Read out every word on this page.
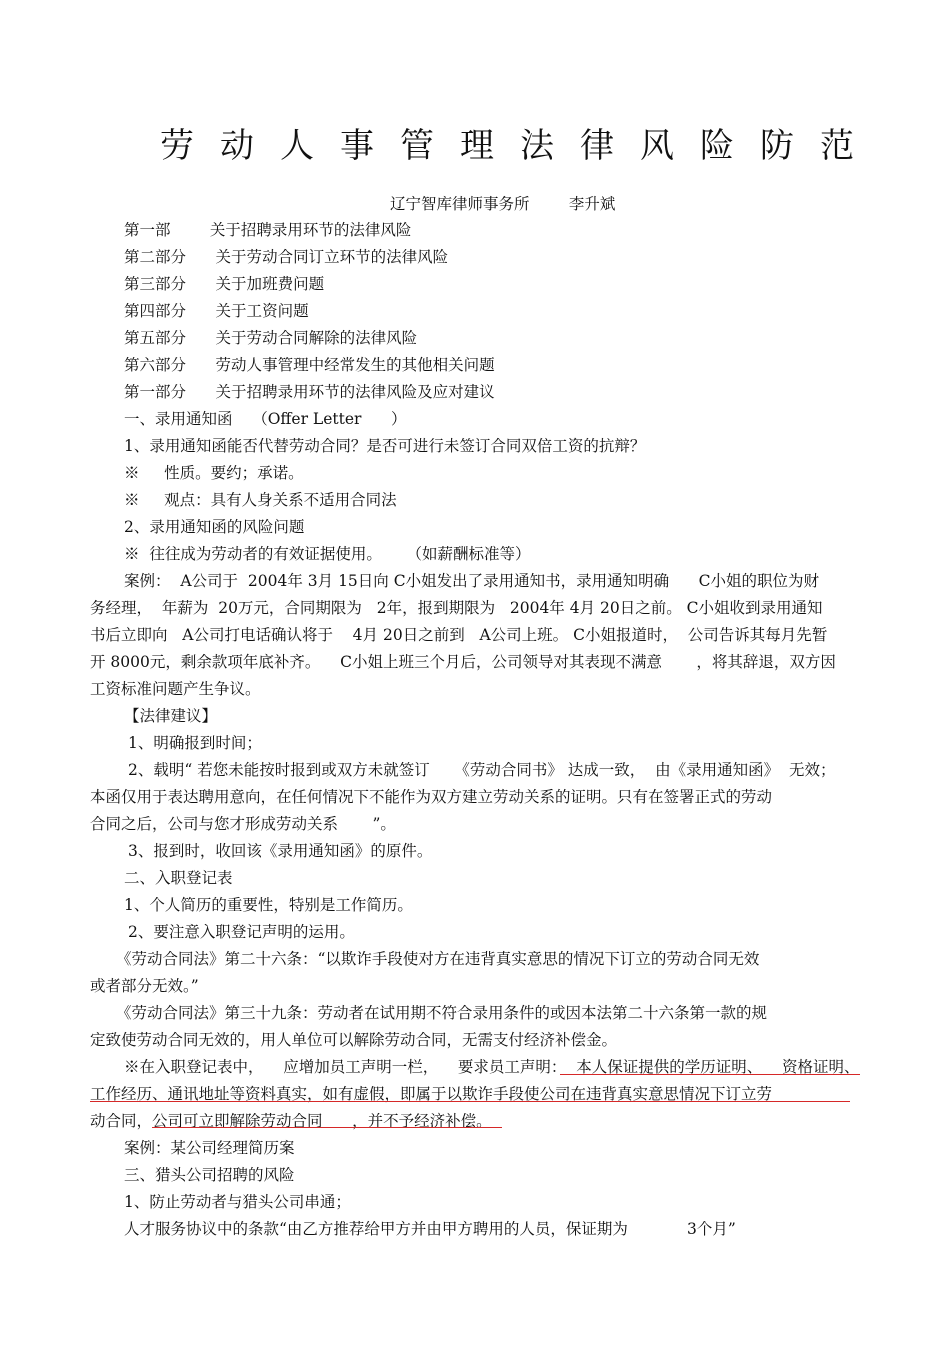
劳动人事管理法律风险防范
辽宁智库律师事务所        李升斌
第一部        关于招聘录用环节的法律风险
第二部分      关于劳动合同订立环节的法律风险
第三部分      关于加班费问题
第四部分      关于工资问题
第五部分      关于劳动合同解除的法律风险
第六部分      劳动人事管理中经常发生的其他相关问题
第一部分      关于招聘录用环节的法律风险及应对建议
一、录用通知函    （Offer Letter      ）
1、录用通知函能否代替劳动合同？是否可进行未签订合同双倍工资的抗辩？
※     性质。要约；承诺。
※     观点：具有人身关系不适用合同法
2、录用通知函的风险问题
※  往往成为劳动者的有效证据使用。     （如薪酬标准等）
案例：  A公司于  2004年 3月 15日向 C小姐发出了录用通知书，录用通知明确      C小姐的职位为财
务经理，  年薪为  20万元，合同期限为   2年，报到期限为   2004年 4月 20日之前。 C小姐收到录用通知
书后立即向   A公司打电话确认将于    4月 20日之前到   A公司上班。 C小姐报道时，  公司告诉其每月先暂
开 8000元，剩余款项年底补齐。    C小姐上班三个月后，公司领导对其表现不满意       ，将其辞退，双方因
工资标准问题产生争议。
【法律建议】
1、明确报到时间；
2、载明“ 若您未能按时报到或双方未就签订     《劳动合同书》 达成一致，  由《录用通知函》  无效；
本函仅用于表达聘用意向，在任何情况下不能作为双方建立劳动关系的证明。只有在签署正式的劳动
合同之后，公司与您才形成劳动关系       ”。
3、报到时，收回该《录用通知函》的原件。
二、入职登记表
1、个人简历的重要性，特别是工作简历。
2、要注意入职登记声明的运用。
《劳动合同法》第二十六条：“以欺诈手段使对方在违背真实意思的情况下订立的劳动合同无效
或者部分无效。”
《劳动合同法》第三十九条：劳动者在试用期不符合录用条件的或因本法第二十六条第一款的规
定致使劳动合同无效的，用人单位可以解除劳动合同，无需支付经济补偿金。
※在入职登记表中，    应增加员工声明一栏，    要求员工声明：  本人保证提供的学历证明、    资格证明、
工作经历、通讯地址等资料真实，如有虚假，即属于以欺诈手段使公司在违背真实意思情况下订立劳
动合同，公司可立即解除劳动合同      ，并不予经济补偿。
案例：某公司经理简历案
三、猎头公司招聘的风险
1、防止劳动者与猎头公司串通；
人才服务协议中的条款“由乙方推荐给甲方并由甲方聘用的人员，保证期为            3个月”
